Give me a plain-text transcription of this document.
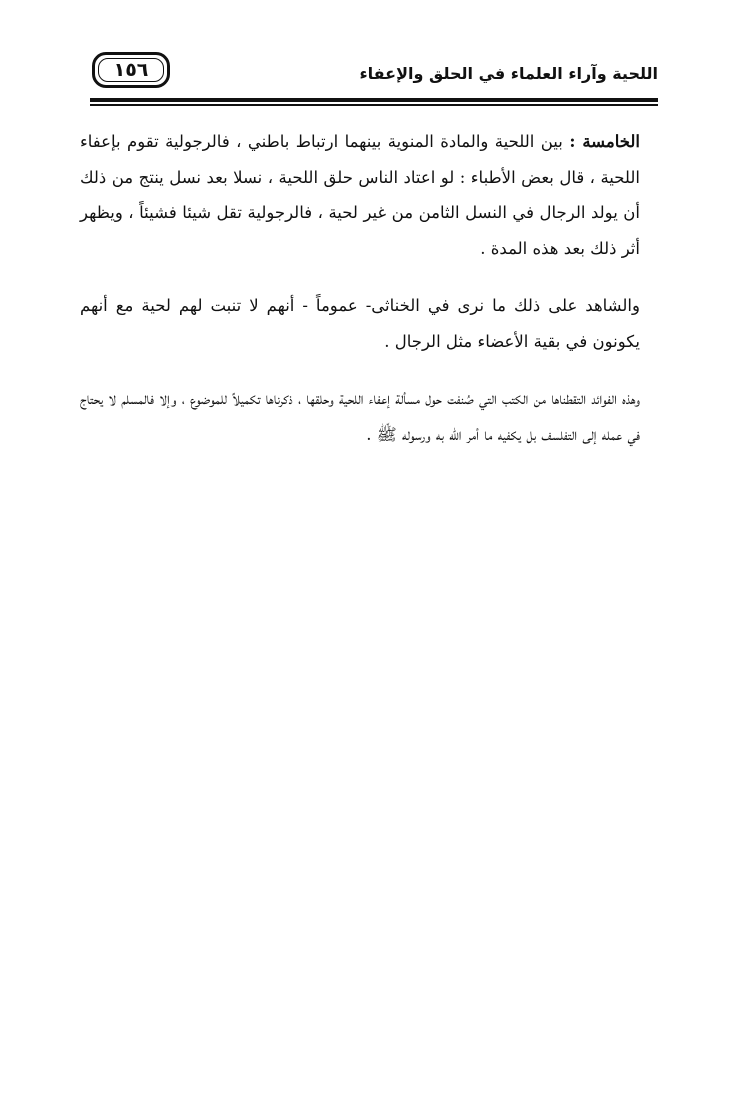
١٥٦	اللحية وآراء العلماء في الحلق والإعفاء

الخامسة : بين اللحية والمادة المنوية بينهما ارتباط باطني ، فالرجولية تقوم بإعفاء اللحية ، قال بعض الأطباء : لو اعتاد الناس حلق اللحية ، نسلا بعد نسل ينتج من ذلك أن يولد الرجال في النسل الثامن من غير لحية ، فالرجولية تقل شيئا فشيئاً ، ويظهر أثر ذلك بعد هذه المدة .

والشاهد على ذلك ما نرى في الخناثى- عموماً - أنهم لا تنبت لهم لحية مع أنهم يكونون في بقية الأعضاء مثل الرجال .

وهذه الفوائد التقطناها من الكتب التي صُنفت حول مسألة إعفاء اللحية وحلقها ، ذكرناها تكميلاً للموضوع ، وإلا فالمسلم لا يحتاج في عمله إلى التفلسف بل يكفيه ما أمر الله به ورسوله ﷺ .
